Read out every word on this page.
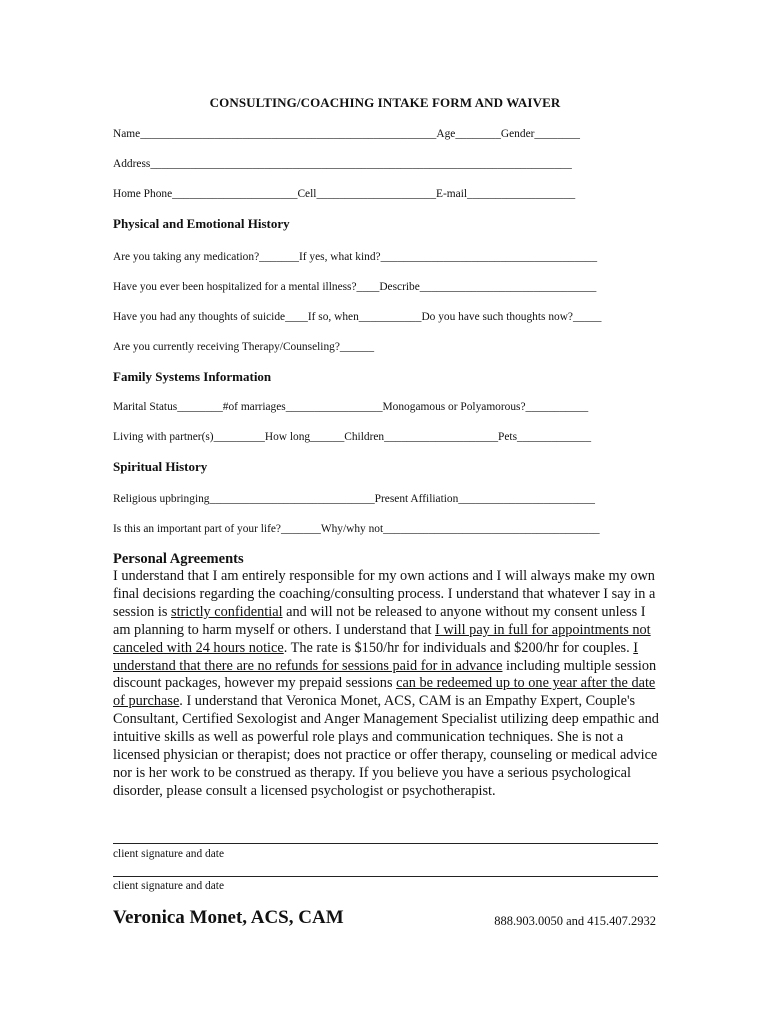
CONSULTING/COACHING INTAKE FORM AND WAIVER
Name____________________________________________________Age________Gender________
Address__________________________________________________________________________
Home Phone______________________Cell_____________________E-mail___________________
Physical and Emotional History
Are you taking any medication?_______If yes, what kind?______________________________________
Have you ever been hospitalized for a mental illness?____Describe_______________________________
Have you had any thoughts of suicide____If so, when___________Do you have such thoughts now?_____
Are you currently receiving Therapy/Counseling?______
Family Systems Information
Marital Status________#of marriages_________________Monogamous or Polyamorous?___________
Living with partner(s)_________How long______Children____________________Pets_____________
Spiritual History
Religious upbringing_____________________________Present Affiliation________________________
Is this an important part of your life?_______Why/why not______________________________________
Personal Agreements

I understand that I am entirely responsible for my own actions and I will always make my own final decisions regarding the coaching/consulting process. I understand that whatever I say in a session is strictly confidential and will not be released to anyone without my consent unless I am planning to harm myself or others. I understand that I will pay in full for appointments not canceled with 24 hours notice. The rate is $150/hr for individuals and $200/hr for couples. I understand that there are no refunds for sessions paid for in advance including multiple session discount packages, however my prepaid sessions can be redeemed up to one year after the date of purchase. I understand that Veronica Monet, ACS, CAM is an Empathy Expert, Couple's Consultant, Certified Sexologist and Anger Management Specialist utilizing deep empathic and intuitive skills as well as powerful role plays and communication techniques. She is not a licensed physician or therapist; does not practice or offer therapy, counseling or medical advice nor is her work to be construed as therapy. If you believe you have a serious psychological disorder, please consult a licensed psychologist or psychotherapist.

client signature and date
client signature and date
Veronica Monet, ACS, CAM	888.903.0050 and 415.407.2932
